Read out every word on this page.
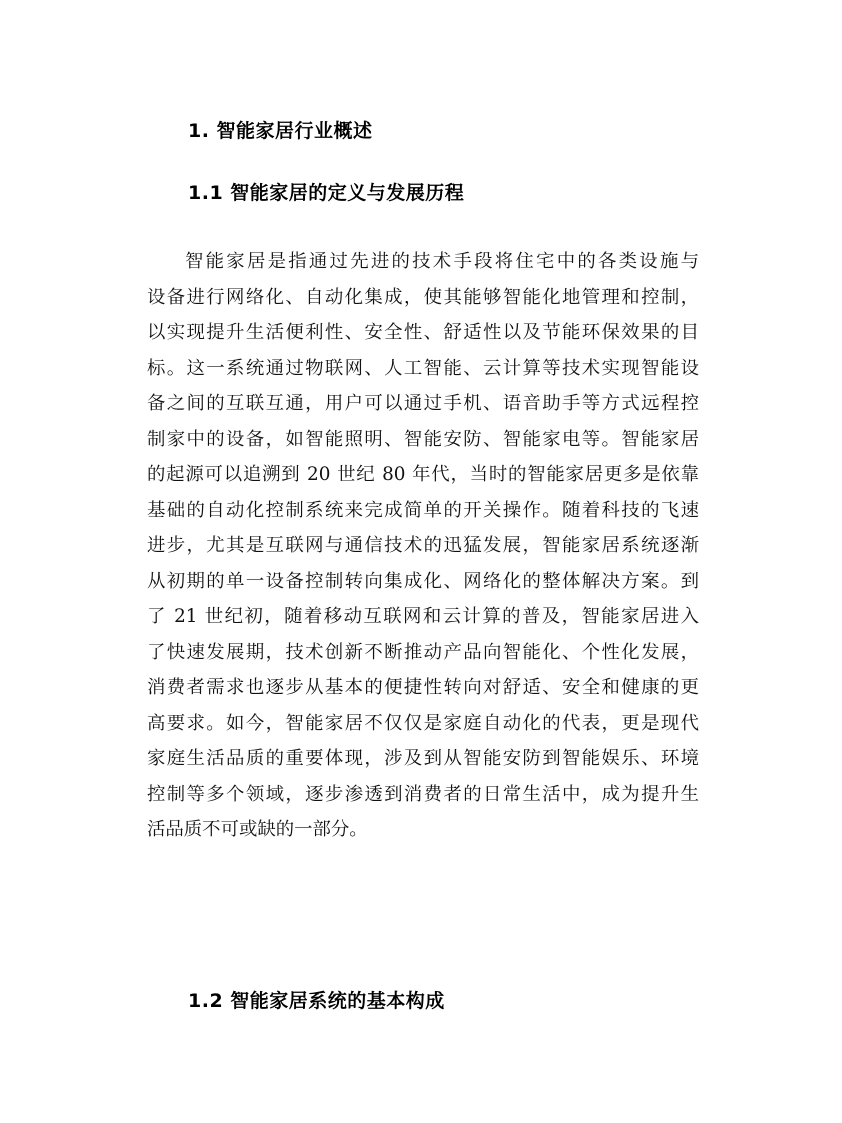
1. 智能家居行业概述
1.1 智能家居的定义与发展历程
智能家居是指通过先进的技术手段将住宅中的各类设施与
设备进行网络化、自动化集成，使其能够智能化地管理和控制，
以实现提升生活便利性、安全性、舒适性以及节能环保效果的目
标。这一系统通过物联网、人工智能、云计算等技术实现智能设
备之间的互联互通，用户可以通过手机、语音助手等方式远程控
制家中的设备，如智能照明、智能安防、智能家电等。智能家居
的起源可以追溯到 20 世纪 80 年代，当时的智能家居更多是依靠
基础的自动化控制系统来完成简单的开关操作。随着科技的飞速
进步，尤其是互联网与通信技术的迅猛发展，智能家居系统逐渐
从初期的单一设备控制转向集成化、网络化的整体解决方案。到
了 21 世纪初，随着移动互联网和云计算的普及，智能家居进入
了快速发展期，技术创新不断推动产品向智能化、个性化发展，
消费者需求也逐步从基本的便捷性转向对舒适、安全和健康的更
高要求。如今，智能家居不仅仅是家庭自动化的代表，更是现代
家庭生活品质的重要体现，涉及到从智能安防到智能娱乐、环境
控制等多个领域，逐步渗透到消费者的日常生活中，成为提升生
活品质不可或缺的一部分。
1.2 智能家居系统的基本构成
